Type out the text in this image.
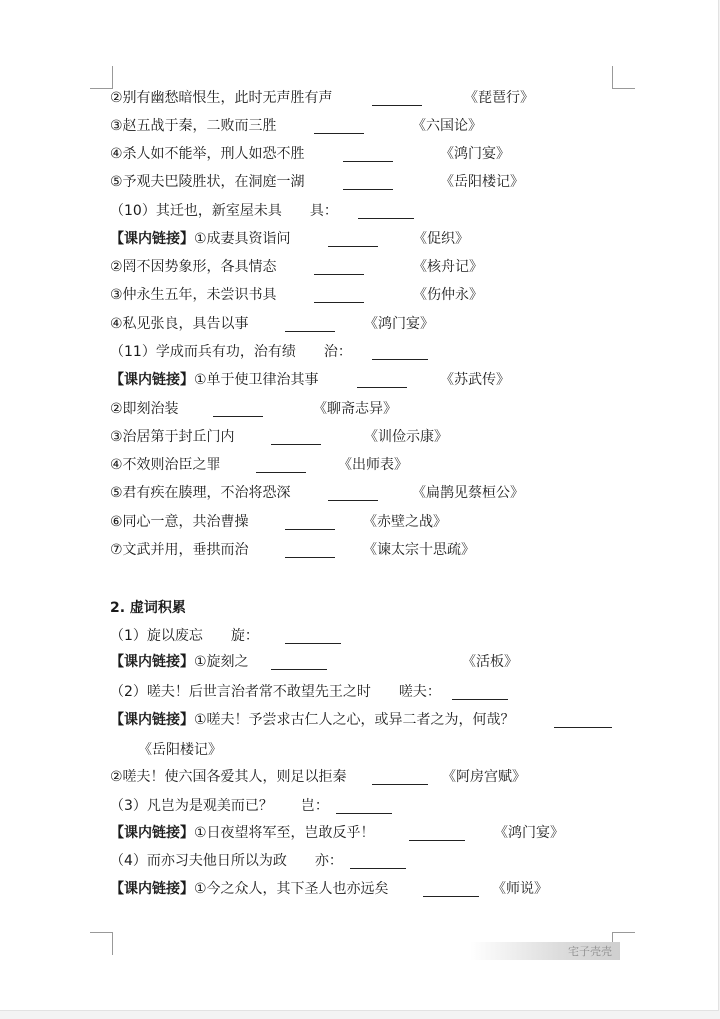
②别有幽愁暗恨生，此时无声胜有声	《琵琶行》
③赵五战于秦，二败而三胜	《六国论》
④杀人如不能举，刑人如恐不胜	《鸿门宴》
⑤予观夫巴陵胜状，在洞庭一湖	《岳阳楼记》
（10）其迁也，新室屋未具　　具：
【课内链接】①成妻具资诣问	《促织》
②罔不因势象形，各具情态	《核舟记》
③仲永生五年，未尝识书具	《伤仲永》
④私见张良，具告以事	《鸿门宴》
（11）学成而兵有功，治有绩　　治：
【课内链接】①单于使卫律治其事	《苏武传》
②即刻治装	《聊斋志异》
③治居第于封丘门内	《训俭示康》
④不效则治臣之罪	《出师表》
⑤君有疾在腠理，不治将恐深	《扁鹊见蔡桓公》
⑥同心一意，共治曹操	《赤壁之战》
⑦文武并用，垂拱而治	《谏太宗十思疏》
2. 虚词积累
（1）旋以废忘　　旋：
【课内链接】①旋刻之	《活板》
（2）嗟夫！后世言治者常不敢望先王之时　　嗟夫：
【课内链接】①嗟夫！予尝求古仁人之心，或异二者之为，何哉？
《岳阳楼记》
②嗟夫！使六国各爱其人，则足以拒秦	《阿房宫赋》
（3）凡岂为是观美而已？　　岂：
【课内链接】①日夜望将军至，岂敢反乎！	《鸿门宴》
（4）而亦习夫他日所以为政　　亦：
【课内链接】①今之众人，其下圣人也亦远矣	《师说》
宅子壳壳
